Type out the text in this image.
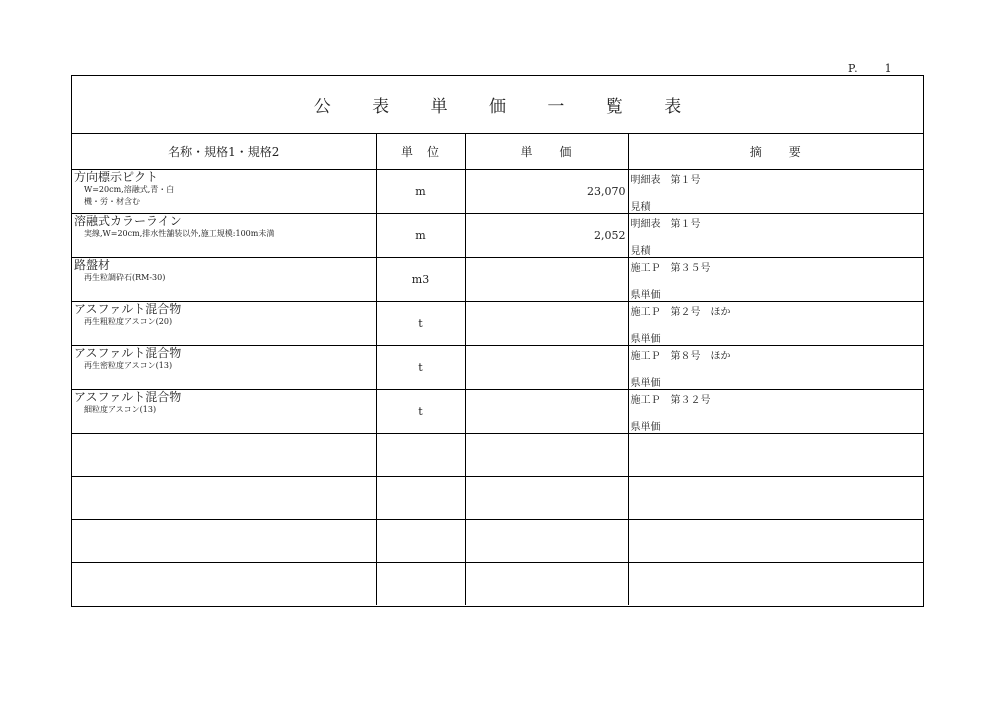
P. 1
公 表 単 価 一 覧 表
名称・規格1・規格2	単　位	単　　価	摘　　要

方向標示ピクト
W=20cm,溶融式,青・白
機・労・材含む	m	23,070	明細表　第１号
見積

溶融式カラーライン
実線,W=20cm,排水性舗装以外,施工規模:100m未満	m	2,052	明細表　第１号
見積

路盤材
再生粒調砕石(RM-30)	m3		施工Ｐ　第３５号
県単価

アスファルト混合物
再生粗粒度アスコン(20)	t		施工Ｐ　第２号　ほか
県単価

アスファルト混合物
再生密粒度アスコン(13)	t		施工Ｐ　第８号　ほか
県単価

アスファルト混合物
細粒度アスコン(13)	t		施工Ｐ　第３２号
県単価
